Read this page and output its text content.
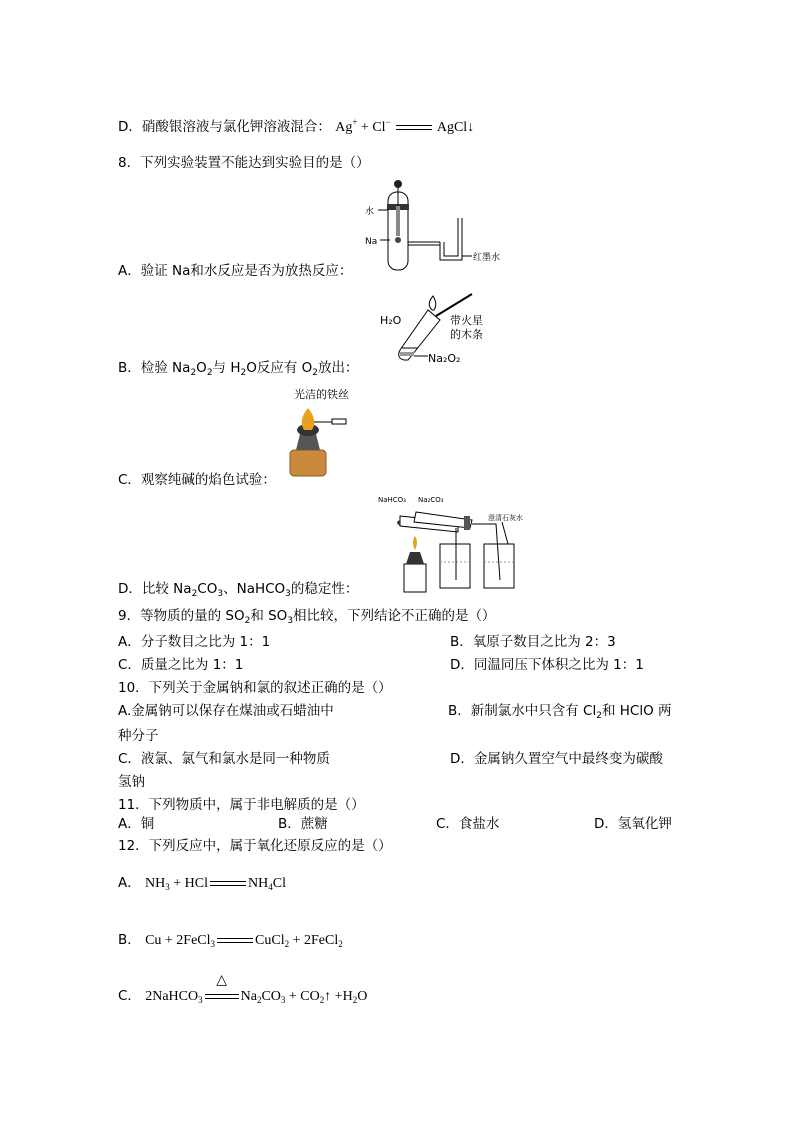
D．硝酸银溶液与氯化钾溶液混合： Ag+ + Cl−	AgCl↓
8．下列实验装置不能达到实验目的是（）
水
Na
红墨水
A．验证 Na和水反应是否为放热反应：
H₂O	带火星
的木条
Na₂O₂
B．检验 $Na_2O_2$与 $H_2O$反应有 $O_2$放出：
光洁的铁丝
C．观察纯碱的焰色试验：
NaHCO₃ Na₂CO₃
澄清石灰水
D．比较 $Na_2CO_3$、NaHCO$_3$的稳定性：
9．等物质的量的 $SO_2$和 $SO_3$相比较，下列结论不正确的是（）
A．分子数目之比为 1：1	B．氧原子数目之比为 2：3
C．质量之比为 1：1	D．同温同压下体积之比为 1：1
10．下列关于金属钠和氯的叙述正确的是（）
A.金属钠可以保存在煤油或石蜡油中	B．新制氯水中只含有 $Cl_2$和 HClO 两
种分子
C．液氯、氯气和氯水是同一种物质	D．金属钠久置空气中最终变为碳酸
氢钠
11．下列物质中，属于非电解质的是（）
A．铜	B．蔗糖	C．食盐水	D．氢氧化钾
12．下列反应中，属于氧化还原反应的是（）
A． $NH_3$ + HCl	$NH_4Cl$
B． Cu + 2FeCl$_3$	CuCl$_2$ + 2FeCl$_2$
C． 2NaHCO$_3$
△
$Na_2CO_3$ + $CO_2↑ +H_2O$
